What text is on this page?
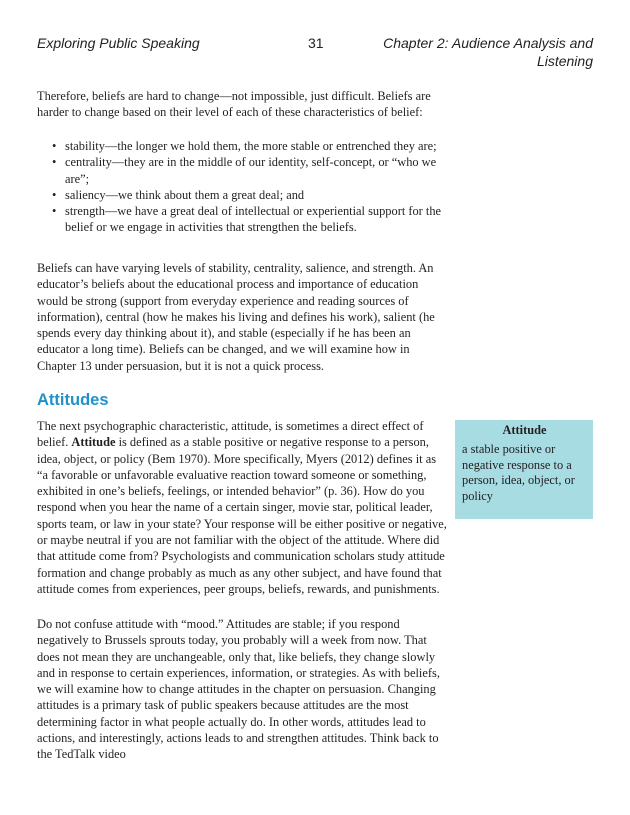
Exploring Public Speaking	31	Chapter 2: Audience Analysis and
Listening

Therefore, beliefs are hard to change—not impossible, just difficult. Beliefs are harder to change based on their level of each of these characteristics of belief:

• stability—the longer we hold them, the more stable or entrenched they are;
• centrality—they are in the middle of our identity, self-concept, or “who we are”;
• saliency—we think about them a great deal; and
• strength—we have a great deal of intellectual or experiential support for the belief or we engage in activities that strengthen the beliefs.

Beliefs can have varying levels of stability, centrality, salience, and strength. An educator’s beliefs about the educational process and importance of education would be strong (support from everyday experience and reading sources of information), central (how he makes his living and defines his work), salient (he spends every day thinking about it), and stable (especially if he has been an educator a long time). Beliefs can be changed, and we will examine how in Chapter 13 under persuasion, but it is not a quick process.

Attitudes

The next psychographic characteristic, attitude, is sometimes a direct effect of belief. Attitude is defined as a stable positive or negative response to a person, idea, object, or policy (Bem 1970). More specifically, Myers (2012) defines it as “a favorable or unfavorable evaluative reaction toward someone or something, exhibited in one’s beliefs, feelings, or intended behavior” (p. 36). How do you respond when you hear the name of a certain singer, movie star, political leader, sports team, or law in your state? Your response will be either positive or negative, or maybe neutral if you are not familiar with the object of the attitude. Where did that attitude come from? Psychologists and communication scholars study attitude formation and change probably as much as any other subject, and have found that attitude comes from experiences, peer groups, beliefs, rewards, and punishments.

Do not confuse attitude with “mood.” Attitudes are stable; if you respond negatively to Brussels sprouts today, you probably will a week from now. That does not mean they are unchangeable, only that, like beliefs, they change slowly and in response to certain experiences, information, or strategies. As with beliefs, we will examine how to change attitudes in the chapter on persuasion. Changing attitudes is a primary task of public speakers because attitudes are the most determining factor in what people actually do. In other words, attitudes lead to actions, and interestingly, actions leads to and strengthen attitudes. Think back to the TedTalk video

Attitude
a stable positive or negative response to a person, idea, object, or policy
